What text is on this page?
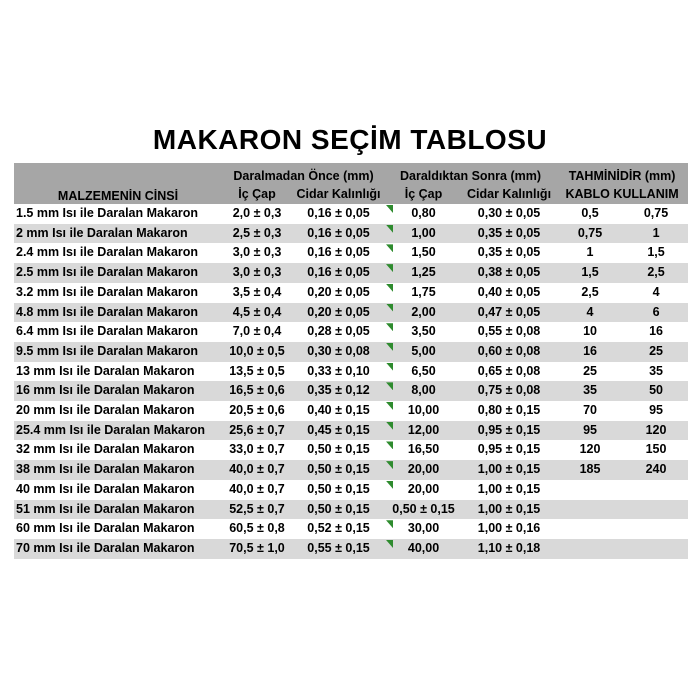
MAKARON SEÇİM TABLOSU
MALZEMENİN CİNSİ	Daralmadan Önce (mm)		Daraldıktan Sonra (mm)		TAHMİNİDİR (mm)	
	İç Çap	Cidar Kalınlığı	İç Çap	Cidar Kalınlığı	KABLO KULLANIM	
1.5 mm Isı ile Daralan Makaron	2,0 ± 0,3	0,16 ± 0,05	0,80	0,30 ± 0,05	0,5	0,75
2 mm Isı ile Daralan Makaron	2,5 ± 0,3	0,16 ± 0,05	1,00	0,35 ± 0,05	0,75	1
2.4 mm Isı ile Daralan Makaron	3,0 ± 0,3	0,16 ± 0,05	1,50	0,35 ± 0,05	1	1,5
2.5 mm Isı ile Daralan Makaron	3,0 ± 0,3	0,16 ± 0,05	1,25	0,38 ± 0,05	1,5	2,5
3.2 mm Isı ile Daralan Makaron	3,5 ± 0,4	0,20 ± 0,05	1,75	0,40 ± 0,05	2,5	4
4.8 mm Isı ile Daralan Makaron	4,5 ± 0,4	0,20 ± 0,05	2,00	0,47 ± 0,05	4	6
6.4 mm Isı ile Daralan Makaron	7,0 ± 0,4	0,28 ± 0,05	3,50	0,55 ± 0,08	10	16
9.5 mm Isı ile Daralan Makaron	10,0 ± 0,5	0,30 ± 0,08	5,00	0,60 ± 0,08	16	25
13 mm Isı ile Daralan Makaron	13,5 ± 0,5	0,33 ± 0,10	6,50	0,65 ± 0,08	25	35
16 mm Isı ile Daralan Makaron	16,5 ± 0,6	0,35 ± 0,12	8,00	0,75 ± 0,08	35	50
20 mm Isı ile Daralan Makaron	20,5 ± 0,6	0,40 ± 0,15	10,00	0,80 ± 0,15	70	95
25.4 mm Isı ile Daralan Makaron	25,6 ± 0,7	0,45 ± 0,15	12,00	0,95 ± 0,15	95	120
32 mm Isı ile Daralan Makaron	33,0 ± 0,7	0,50 ± 0,15	16,50	0,95 ± 0,15	120	150
38 mm Isı ile Daralan Makaron	40,0 ± 0,7	0,50 ± 0,15	20,00	1,00 ± 0,15	185	240
40 mm Isı ile Daralan Makaron	40,0 ± 0,7	0,50 ± 0,15	20,00	1,00 ± 0,15		
51 mm Isı ile Daralan Makaron	52,5 ± 0,7	0,50 ± 0,15	0,50 ± 0,15	1,00 ± 0,15		
60 mm Isı ile Daralan Makaron	60,5 ± 0,8	0,52 ± 0,15	30,00	1,00 ± 0,16		
70 mm Isı ile Daralan Makaron	70,5 ± 1,0	0,55 ± 0,15	40,00	1,10 ± 0,18		
